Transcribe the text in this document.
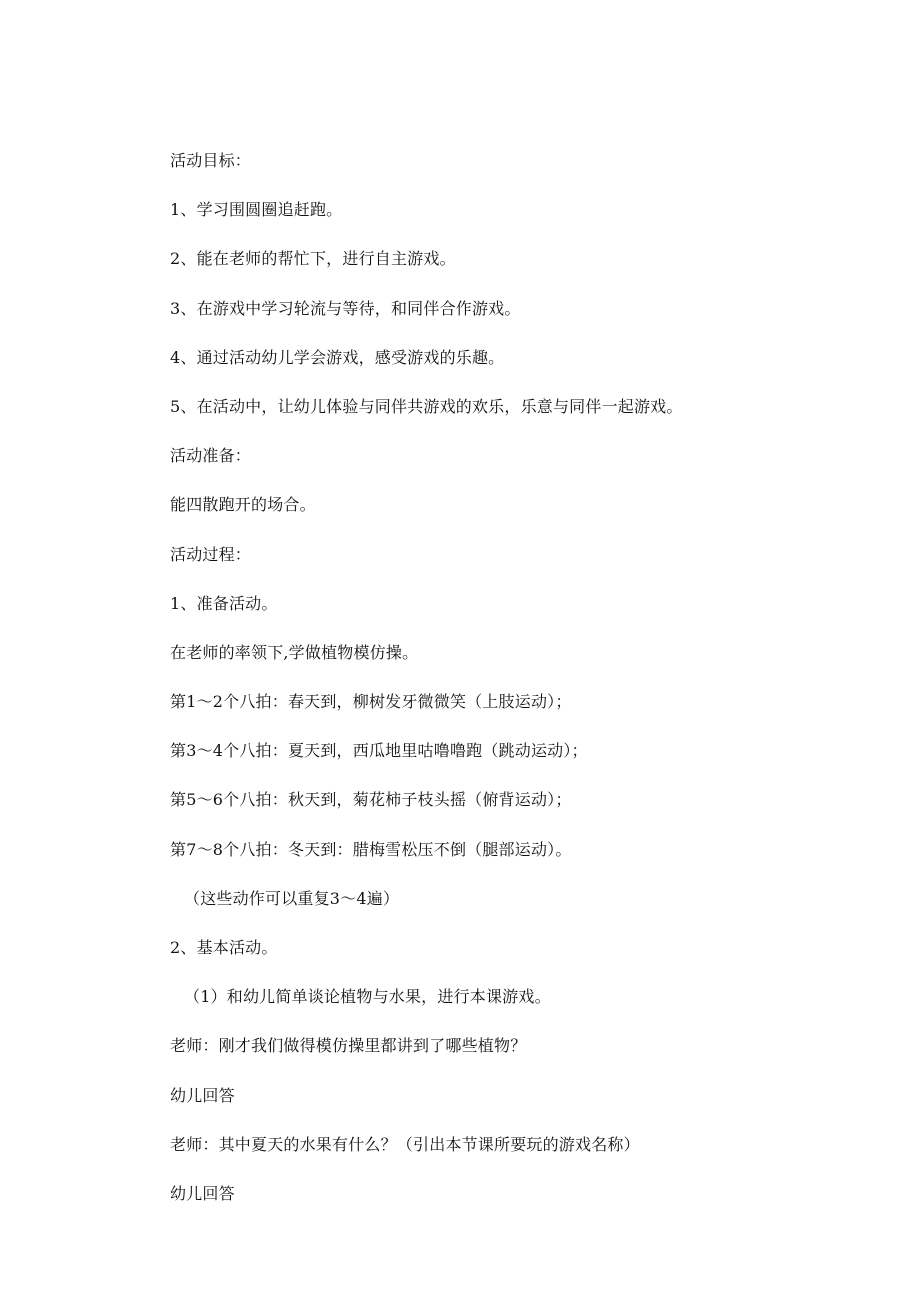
活动目标：
1、学习围圆圈追赶跑。
2、能在老师的帮忙下，进行自主游戏。
3、在游戏中学习轮流与等待，和同伴合作游戏。
4、通过活动幼儿学会游戏，感受游戏的乐趣。
5、在活动中，让幼儿体验与同伴共游戏的欢乐，乐意与同伴一起游戏。
活动准备：
能四散跑开的场合。
活动过程：
1、准备活动。
在老师的率领下,学做植物模仿操。
第1～2个八拍：春天到，柳树发牙微微笑（上肢运动）；
第3～4个八拍：夏天到，西瓜地里咕噜噜跑（跳动运动）；
第5～6个八拍：秋天到，菊花柿子枝头摇（俯背运动）；
第7～8个八拍：冬天到：腊梅雪松压不倒（腿部运动）。
（这些动作可以重复3～4遍）
2、基本活动。
（1）和幼儿简单谈论植物与水果，进行本课游戏。
老师：刚才我们做得模仿操里都讲到了哪些植物？
幼儿回答
老师：其中夏天的水果有什么？（引出本节课所要玩的游戏名称）
幼儿回答
